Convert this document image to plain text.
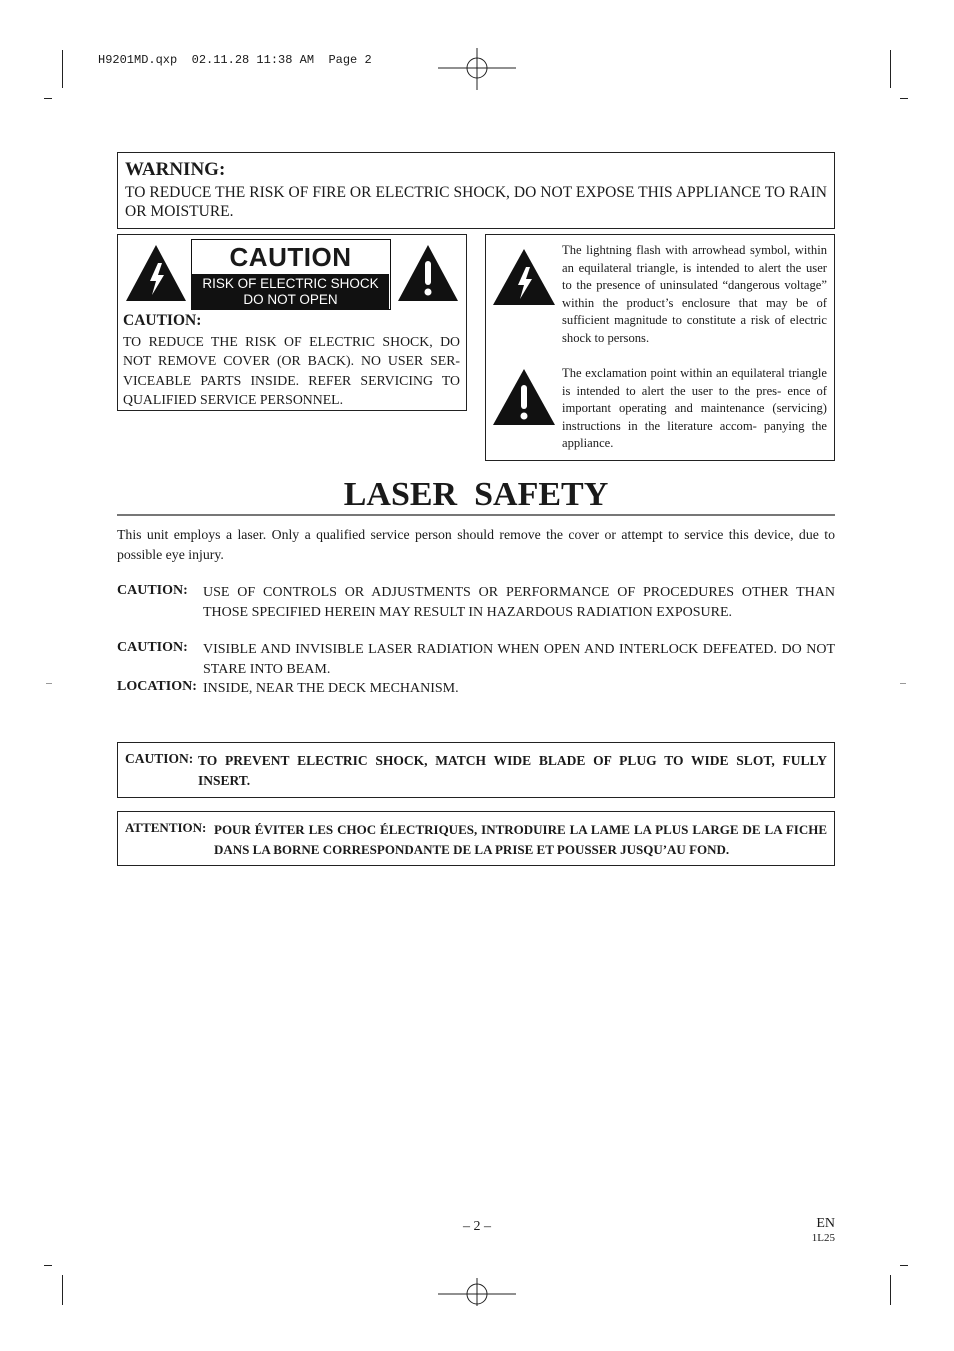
H9201MD.qxp  02.11.28 11:38 AM  Page 2
WARNING:
TO REDUCE THE RISK OF FIRE OR ELECTRIC SHOCK, DO NOT EXPOSE THIS APPLIANCE TO RAIN OR MOISTURE.
CAUTION
RISK OF ELECTRIC SHOCK
DO NOT OPEN
CAUTION:
TO REDUCE THE RISK OF ELECTRIC SHOCK, DO NOT REMOVE COVER (OR BACK). NO USER SER- VICEABLE PARTS INSIDE. REFER SERVICING TO QUALIFIED SERVICE PERSONNEL.
The lightning flash with arrowhead symbol, within an equilateral triangle, is intended to alert the user to the presence of uninsulated “dangerous voltage” within the product’s enclosure that may be of sufficient magnitude to constitute a risk of electric shock to persons.
The exclamation point within an equilateral triangle is intended to alert the user to the pres- ence of important operating and maintenance (servicing) instructions in the literature accom- panying the appliance.
LASER  SAFETY
This unit employs a laser. Only a qualified service person should remove the cover or attempt to service this device, due to possible eye injury.
CAUTION: USE OF CONTROLS OR ADJUSTMENTS OR PERFORMANCE OF PROCEDURES OTHER THAN THOSE SPECIFIED HEREIN MAY RESULT IN HAZARDOUS RADIATION EXPOSURE.
CAUTION: VISIBLE AND INVISIBLE LASER RADIATION WHEN OPEN AND INTERLOCK DEFEATED. DO NOT STARE INTO BEAM.
LOCATION: INSIDE, NEAR THE DECK MECHANISM.
CAUTION: TO PREVENT ELECTRIC SHOCK, MATCH WIDE BLADE OF PLUG TO WIDE SLOT, FULLY INSERT.
ATTENTION: POUR ÉVITER LES CHOC ÉLECTRIQUES, INTRODUIRE LA LAME LA PLUS LARGE DE LA FICHE DANS LA BORNE CORRESPONDANTE DE LA PRISE ET POUSSER JUSQU’AU FOND.
– 2 –	EN
1L25
